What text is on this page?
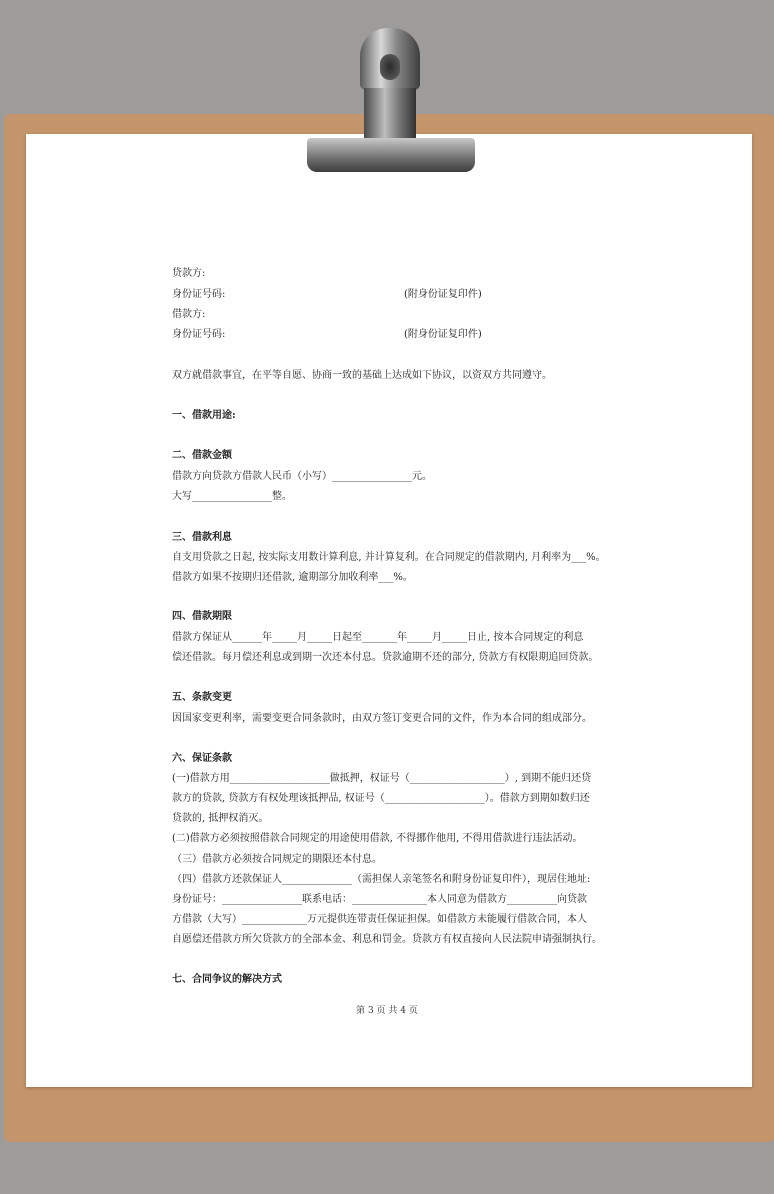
贷款方:
身份证号码:	(附身份证复印件)
借款方:
身份证号码:	(附身份证复印件)
双方就借款事宜，在平等自愿、协商一致的基础上达成如下协议，以资双方共同遵守。
一、借款用途:
二、借款金额
借款方向贷款方借款人民币（小写）________________元。
大写________________整。
三、借款利息
自支用贷款之日起, 按实际支用数计算利息, 并计算复利。在合同规定的借款期内, 月利率为___%。
借款方如果不按期归还借款, 逾期部分加收利率___%。
四、借款期限
借款方保证从______年_____月_____日起至_______年_____月_____日止, 按本合同规定的利息
偿还借款。每月偿还利息或到期一次还本付息。贷款逾期不还的部分, 贷款方有权限期追回贷款。
五、条款变更
因国家变更利率，需要变更合同条款时，由双方签订变更合同的文件，作为本合同的组成部分。
六、保证条款
(一)借款方用____________________做抵押，权证号（___________________）, 到期不能归还贷
款方的贷款, 贷款方有权处理该抵押品, 权证号（____________________）。借款方到期如数归还
贷款的, 抵押权消灭。
(二)借款方必须按照借款合同规定的用途使用借款, 不得挪作他用, 不得用借款进行违法活动。
（三）借款方必须按合同规定的期限还本付息。
（四）借款方还款保证人______________（需担保人亲笔签名和附身份证复印件），现居住地址:
身份证号：________________联系电话：_______________本人同意为借款方__________向贷款
方借款（大写）_____________万元提供连带责任保证担保。如借款方未能履行借款合同，本人
自愿偿还借款方所欠贷款方的全部本金、利息和罚金。贷款方有权直接向人民法院申请强制执行。
七、合同争议的解决方式
第 3 页 共 4 页
